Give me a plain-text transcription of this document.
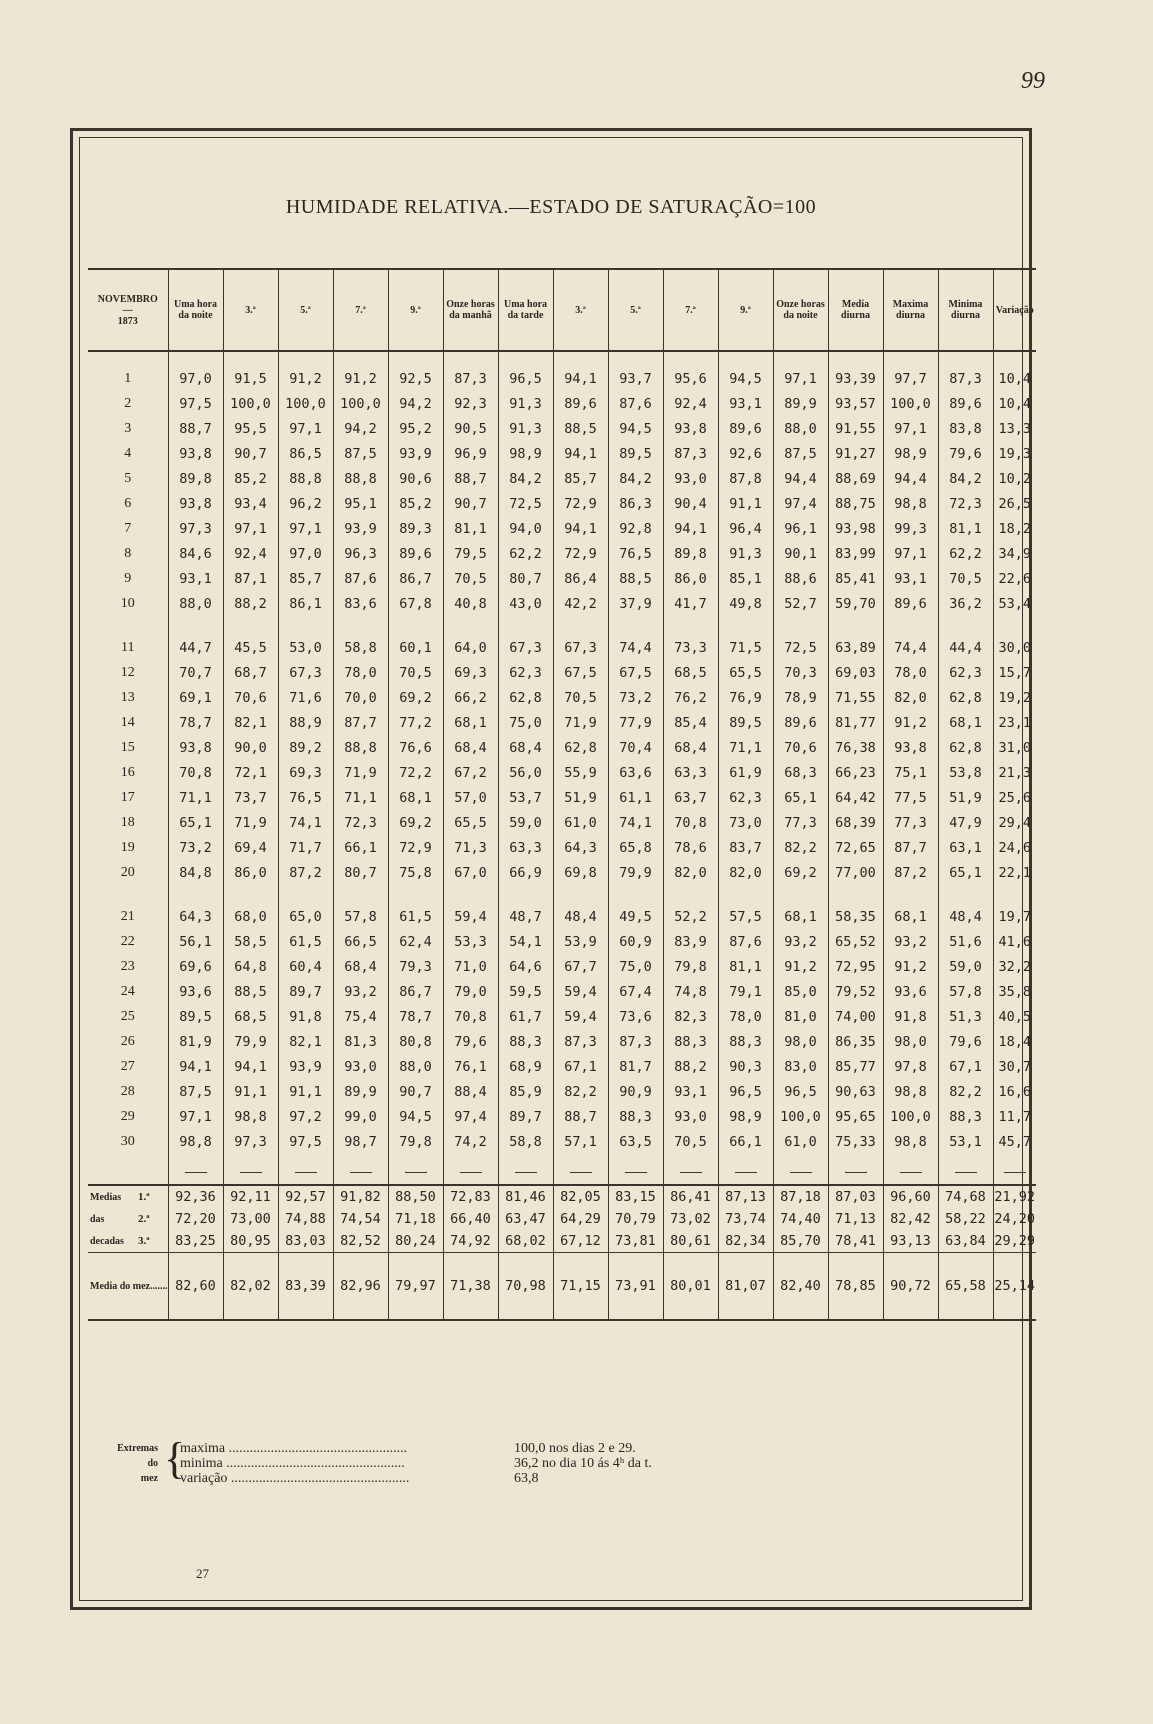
99
HUMIDADE RELATIVA.—ESTADO DE SATURAÇÃO=100
NOVEMBRO
—
1873	Uma hora da noite	3.ª	5.ª	7.ª	9.ª	Onze horas da manhã	Uma hora da tarde	3.ª	5.ª	7.ª	9.ª	Onze horas da noite	Media diurna	Maxima diurna	Minima diurna	Variação
1	97,0	91,5	91,2	91,2	92,5	87,3	96,5	94,1	93,7	95,6	94,5	97,1	93,39	97,7	87,3	10,4
2	97,5	100,0	100,0	100,0	94,2	92,3	91,3	89,6	87,6	92,4	93,1	89,9	93,57	100,0	89,6	10,4
3	88,7	95,5	97,1	94,2	95,2	90,5	91,3	88,5	94,5	93,8	89,6	88,0	91,55	97,1	83,8	13,3
4	93,8	90,7	86,5	87,5	93,9	96,9	98,9	94,1	89,5	87,3	92,6	87,5	91,27	98,9	79,6	19,3
5	89,8	85,2	88,8	88,8	90,6	88,7	84,2	85,7	84,2	93,0	87,8	94,4	88,69	94,4	84,2	10,2
6	93,8	93,4	96,2	95,1	85,2	90,7	72,5	72,9	86,3	90,4	91,1	97,4	88,75	98,8	72,3	26,5
7	97,3	97,1	97,1	93,9	89,3	81,1	94,0	94,1	92,8	94,1	96,4	96,1	93,98	99,3	81,1	18,2
8	84,6	92,4	97,0	96,3	89,6	79,5	62,2	72,9	76,5	89,8	91,3	90,1	83,99	97,1	62,2	34,9
9	93,1	87,1	85,7	87,6	86,7	70,5	80,7	86,4	88,5	86,0	85,1	88,6	85,41	93,1	70,5	22,6
10	88,0	88,2	86,1	83,6	67,8	40,8	43,0	42,2	37,9	41,7	49,8	52,7	59,70	89,6	36,2	53,4

11	44,7	45,5	53,0	58,8	60,1	64,0	67,3	67,3	74,4	73,3	71,5	72,5	63,89	74,4	44,4	30,0
12	70,7	68,7	67,3	78,0	70,5	69,3	62,3	67,5	67,5	68,5	65,5	70,3	69,03	78,0	62,3	15,7
13	69,1	70,6	71,6	70,0	69,2	66,2	62,8	70,5	73,2	76,2	76,9	78,9	71,55	82,0	62,8	19,2
14	78,7	82,1	88,9	87,7	77,2	68,1	75,0	71,9	77,9	85,4	89,5	89,6	81,77	91,2	68,1	23,1
15	93,8	90,0	89,2	88,8	76,6	68,4	68,4	62,8	70,4	68,4	71,1	70,6	76,38	93,8	62,8	31,0
16	70,8	72,1	69,3	71,9	72,2	67,2	56,0	55,9	63,6	63,3	61,9	68,3	66,23	75,1	53,8	21,3
17	71,1	73,7	76,5	71,1	68,1	57,0	53,7	51,9	61,1	63,7	62,3	65,1	64,42	77,5	51,9	25,6
18	65,1	71,9	74,1	72,3	69,2	65,5	59,0	61,0	74,1	70,8	73,0	77,3	68,39	77,3	47,9	29,4
19	73,2	69,4	71,7	66,1	72,9	71,3	63,3	64,3	65,8	78,6	83,7	82,2	72,65	87,7	63,1	24,6
20	84,8	86,0	87,2	80,7	75,8	67,0	66,9	69,8	79,9	82,0	82,0	69,2	77,00	87,2	65,1	22,1

21	64,3	68,0	65,0	57,8	61,5	59,4	48,7	48,4	49,5	52,2	57,5	68,1	58,35	68,1	48,4	19,7
22	56,1	58,5	61,5	66,5	62,4	53,3	54,1	53,9	60,9	83,9	87,6	93,2	65,52	93,2	51,6	41,6
23	69,6	64,8	60,4	68,4	79,3	71,0	64,6	67,7	75,0	79,8	81,1	91,2	72,95	91,2	59,0	32,2
24	93,6	88,5	89,7	93,2	86,7	79,0	59,5	59,4	67,4	74,8	79,1	85,0	79,52	93,6	57,8	35,8
25	89,5	68,5	91,8	75,4	78,7	70,8	61,7	59,4	73,6	82,3	78,0	81,0	74,00	91,8	51,3	40,5
26	81,9	79,9	82,1	81,3	80,8	79,6	88,3	87,3	87,3	88,3	88,3	98,0	86,35	98,0	79,6	18,4
27	94,1	94,1	93,9	93,0	88,0	76,1	68,9	67,1	81,7	88,2	90,3	83,0	85,77	97,8	67,1	30,7
28	87,5	91,1	91,1	89,9	90,7	88,4	85,9	82,2	90,9	93,1	96,5	96,5	90,63	98,8	82,2	16,6
29	97,1	98,8	97,2	99,0	94,5	97,4	89,7	88,7	88,3	93,0	98,9	100,0	95,65	100,0	88,3	11,7
30	98,8	97,3	97,5	98,7	79,8	74,2	58,8	57,1	63,5	70,5	66,1	61,0	75,33	98,8	53,1	45,7

Medias 1.ª	92,36	92,11	92,57	91,82	88,50	72,83	81,46	82,05	83,15	86,41	87,13	87,18	87,03	96,60	74,68	21,92
das 2.ª	72,20	73,00	74,88	74,54	71,18	66,40	63,47	64,29	70,79	73,02	73,74	74,40	71,13	82,42	58,22	24,20
decadas 3.ª	83,25	80,95	83,03	82,52	80,24	74,92	68,02	67,12	73,81	80,61	82,34	85,70	78,41	93,13	63,84	29,29
Media do mez.......	82,60	82,02	83,39	82,96	79,97	71,38	70,98	71,15	73,91	80,01	81,07	82,40	78,85	90,72	65,58	25,14

Extremas
do
mez {
maxima ...................................................	100,0 nos dias 2 e 29.
minima ...................................................	36,2 no dia 10 ás 4ʰ da t.
variação ...................................................	63,8
27
